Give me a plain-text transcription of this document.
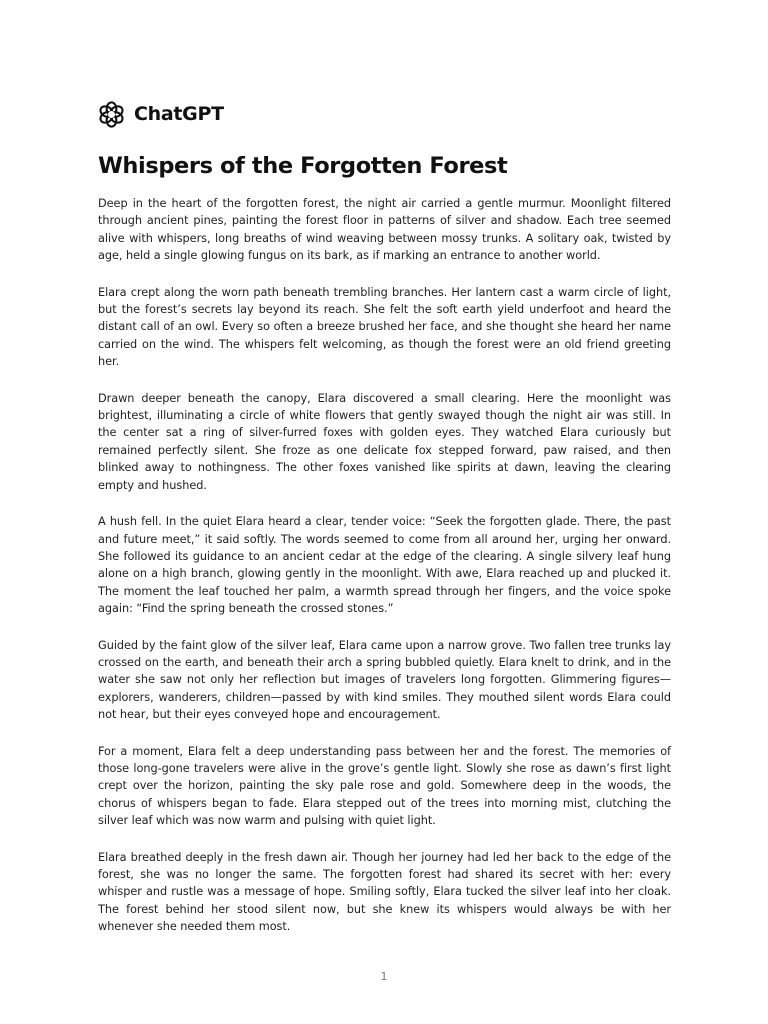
ChatGPT
Whispers of the Forgotten Forest

Deep in the heart of the forgotten forest, the night air carried a gentle murmur. Moonlight filtered through ancient pines, painting the forest floor in patterns of silver and shadow. Each tree seemed alive with whispers, long breaths of wind weaving between mossy trunks. A solitary oak, twisted by age, held a single glowing fungus on its bark, as if marking an entrance to another world.

Elara crept along the worn path beneath trembling branches. Her lantern cast a warm circle of light, but the forest’s secrets lay beyond its reach. She felt the soft earth yield underfoot and heard the distant call of an owl. Every so often a breeze brushed her face, and she thought she heard her name carried on the wind. The whispers felt welcoming, as though the forest were an old friend greeting her.

Drawn deeper beneath the canopy, Elara discovered a small clearing. Here the moonlight was brightest, illuminating a circle of white flowers that gently swayed though the night air was still. In the center sat a ring of silver-furred foxes with golden eyes. They watched Elara curiously but remained perfectly silent. She froze as one delicate fox stepped forward, paw raised, and then blinked away to nothingness. The other foxes vanished like spirits at dawn, leaving the clearing empty and hushed.

A hush fell. In the quiet Elara heard a clear, tender voice: “Seek the forgotten glade. There, the past and future meet,” it said softly. The words seemed to come from all around her, urging her onward. She followed its guidance to an ancient cedar at the edge of the clearing. A single silvery leaf hung alone on a high branch, glowing gently in the moonlight. With awe, Elara reached up and plucked it. The moment the leaf touched her palm, a warmth spread through her fingers, and the voice spoke again: “Find the spring beneath the crossed stones.”

Guided by the faint glow of the silver leaf, Elara came upon a narrow grove. Two fallen tree trunks lay crossed on the earth, and beneath their arch a spring bubbled quietly. Elara knelt to drink, and in the water she saw not only her reflection but images of travelers long forgotten. Glimmering figures—explorers, wanderers, children—passed by with kind smiles. They mouthed silent words Elara could not hear, but their eyes conveyed hope and encouragement.

For a moment, Elara felt a deep understanding pass between her and the forest. The memories of those long-gone travelers were alive in the grove’s gentle light. Slowly she rose as dawn’s first light crept over the horizon, painting the sky pale rose and gold. Somewhere deep in the woods, the chorus of whispers began to fade. Elara stepped out of the trees into morning mist, clutching the silver leaf which was now warm and pulsing with quiet light.

Elara breathed deeply in the fresh dawn air. Though her journey had led her back to the edge of the forest, she was no longer the same. The forgotten forest had shared its secret with her: every whisper and rustle was a message of hope. Smiling softly, Elara tucked the silver leaf into her cloak. The forest behind her stood silent now, but she knew its whispers would always be with her whenever she needed them most.

1
